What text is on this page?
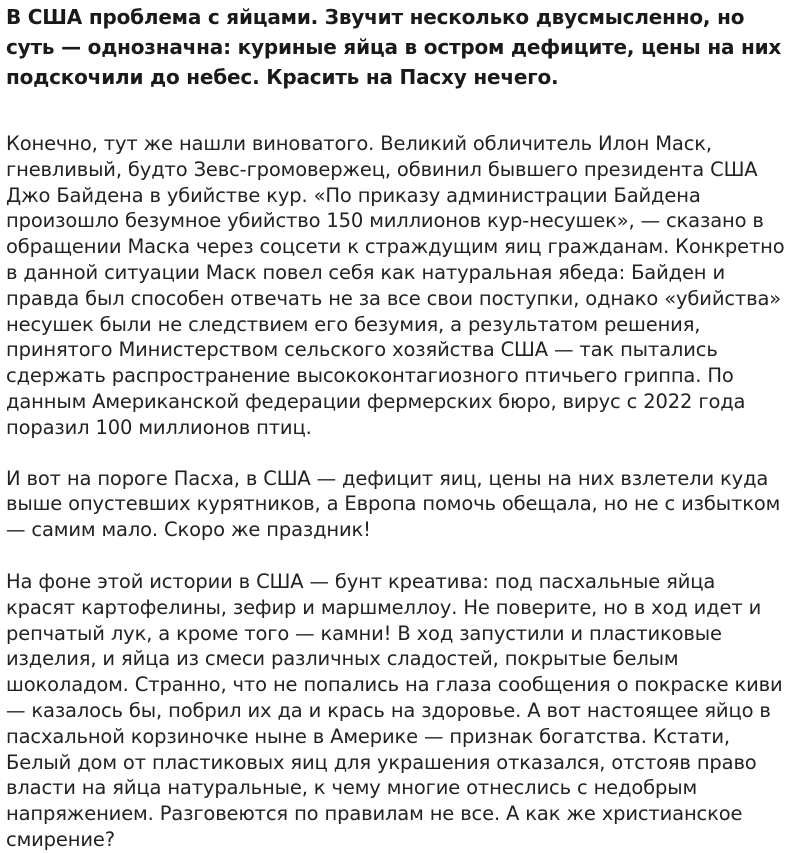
В США проблема с яйцами. Звучит несколько двусмысленно, но суть — однозначна: куриные яйца в остром дефиците, цены на них подскочили до небес. Красить на Пасху нечего.

Конечно, тут же нашли виноватого. Великий обличитель Илон Маск, гневливый, будто Зевс-громовержец, обвинил бывшего президента США Джо Байдена в убийстве кур. «По приказу администрации Байдена произошло безумное убийство 150 миллионов кур-несушек», — сказано в обращении Маска через соцсети к страждущим яиц гражданам. Конкретно в данной ситуации Маск повел себя как натуральная ябеда: Байден и правда был способен отвечать не за все свои поступки, однако «убийства» несушек были не следствием его безумия, а результатом решения, принятого Министерством сельского хозяйства США — так пытались сдержать распространение высококонтагиозного птичьего гриппа. По данным Американской федерации фермерских бюро, вирус с 2022 года поразил 100 миллионов птиц.

И вот на пороге Пасха, в США — дефицит яиц, цены на них взлетели куда выше опустевших курятников, а Европа помочь обещала, но не с избытком — самим мало. Скоро же праздник!

На фоне этой истории в США — бунт креатива: под пасхальные яйца красят картофелины, зефир и маршмеллоу. Не поверите, но в ход идет и репчатый лук, а кроме того — камни! В ход запустили и пластиковые изделия, и яйца из смеси различных сладостей, покрытые белым шоколадом. Странно, что не попались на глаза сообщения о покраске киви — казалось бы, побрил их да и крась на здоровье. А вот настоящее яйцо в пасхальной корзиночке ныне в Америке — признак богатства. Кстати, Белый дом от пластиковых яиц для украшения отказался, отстояв право власти на яйца натуральные, к чему многие отнеслись с недобрым напряжением. Разговеются по правилам не все. А как же христианское смирение?
